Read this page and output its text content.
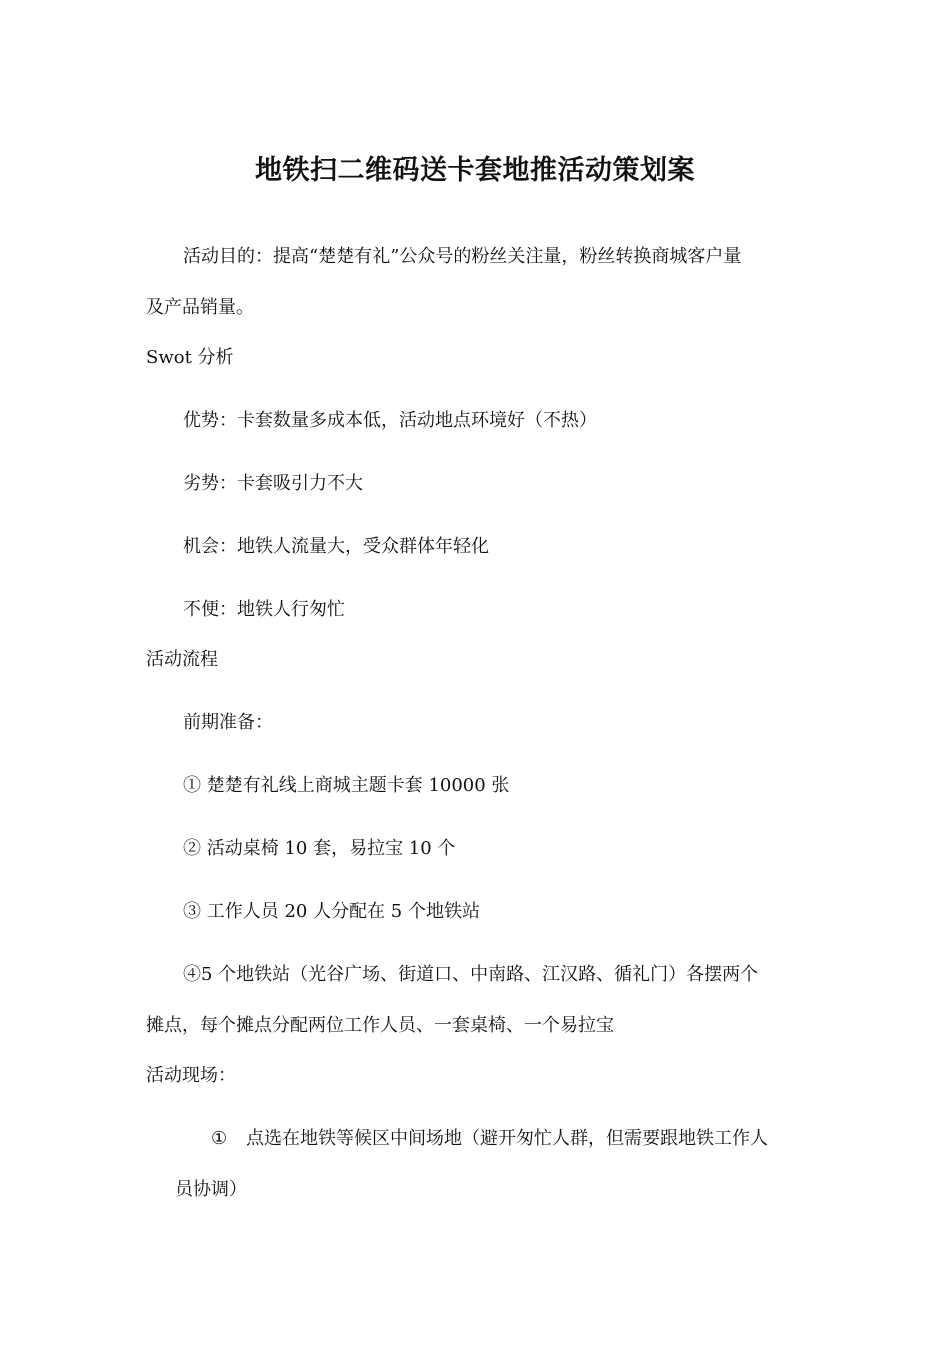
地铁扫二维码送卡套地推活动策划案
活动目的：提高“楚楚有礼”公众号的粉丝关注量，粉丝转换商城客户量
及产品销量。
Swot 分析
优势：卡套数量多成本低，活动地点环境好（不热）
劣势：卡套吸引力不大
机会：地铁人流量大，受众群体年轻化
不便：地铁人行匆忙
活动流程
前期准备：
① 楚楚有礼线上商城主题卡套 10000 张
② 活动桌椅 10 套，易拉宝 10 个
③ 工作人员 20 人分配在 5 个地铁站
④5 个地铁站（光谷广场、街道口、中南路、江汉路、循礼门）各摆两个
摊点，每个摊点分配两位工作人员、一套桌椅、一个易拉宝
活动现场：
① 点选在地铁等候区中间场地（避开匆忙人群，但需要跟地铁工作人
员协调）
